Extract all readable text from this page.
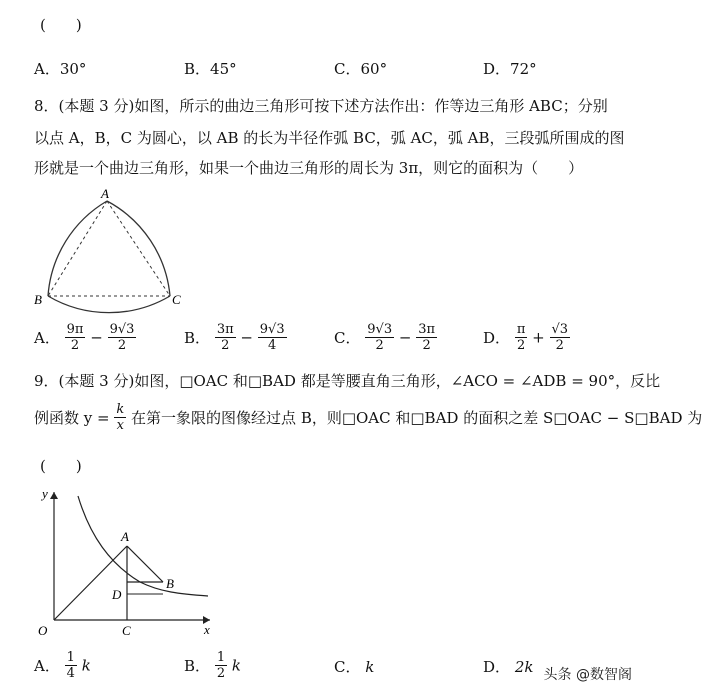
(　　)
A．30°	B．45°	C．60°	D．72°
8．(本题 3 分)如图，所示的曲边三角形可按下述方法作出：作等边三角形 ABC；分别
以点 A，B，C 为圆心，以 AB 的长为半径作弧 BC，弧 AC，弧 AB，三段弧所围成的图
形就是一个曲边三角形，如果一个曲边三角形的周长为 3π，则它的面积为（　　）
A
B	C
A． $\frac{9\pi}{2} - \frac{9√3}{2}$	B． $\frac{3\pi}{2} - \frac{9√3}{4}$	C． $\frac{9√3}{2} - \frac{3\pi}{2}$	D． $\frac{\pi}{2} + \frac{√3}{2}$
9．(本题 3 分)如图，□OAC 和□BAD 都是等腰直角三角形，∠ACO = ∠ADB = 90°，反比
例函数 $y = \frac{k}{x}$ 在第一象限的图像经过点 B，则□OAC 和□BAD 的面积之差 S□OAC − S□BAD 为
(　　)
y
x
O
A
B
C
D
A． $\frac{1}{4}$ k	B． $\frac{1}{2}$ k	C． k	D． 2k 头条 @数智阁
